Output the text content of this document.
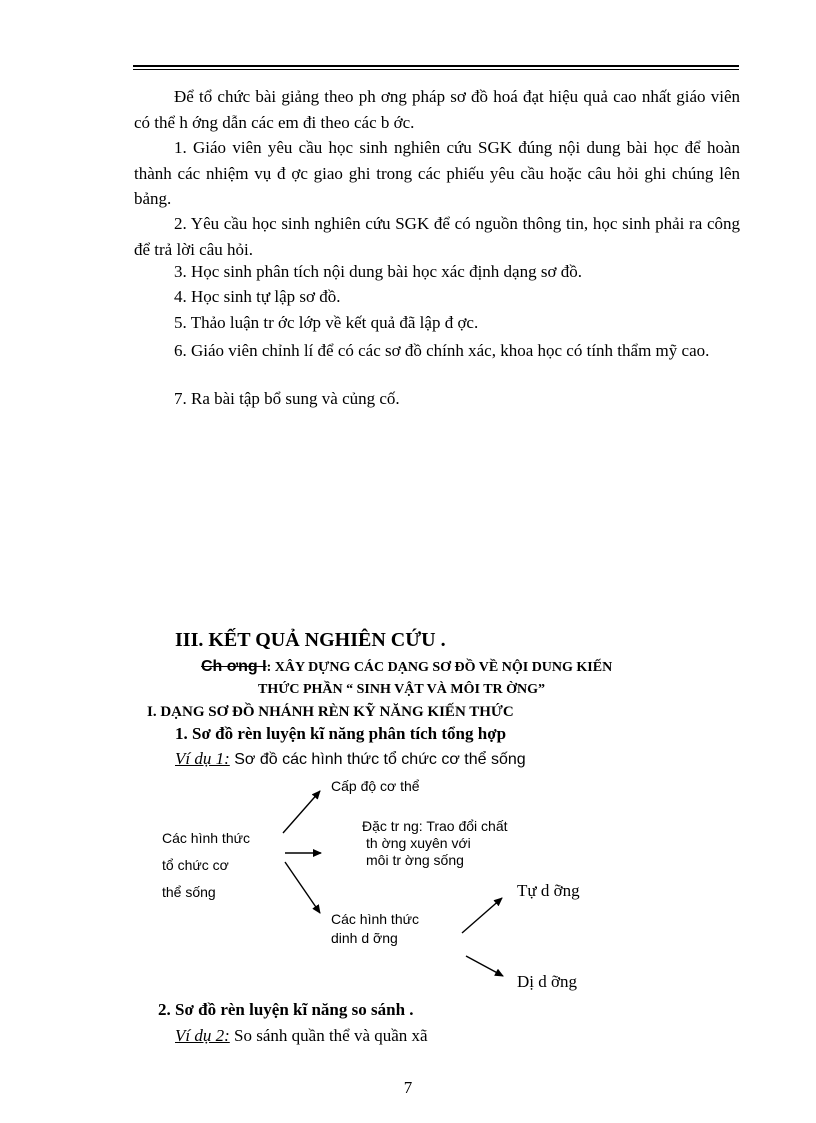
Để tổ chức bài giảng theo ph ơng pháp sơ đồ hoá đạt hiệu quả cao nhất giáo viên có thể h ớng dẫn các em đi theo các b ớc.

1. Giáo viên yêu cầu học sinh nghiên cứu SGK đúng nội dung bài học để hoàn thành các nhiệm vụ đ ợc giao ghi trong các phiếu yêu cầu hoặc câu hỏi ghi chúng lên bảng.

2. Yêu cầu học sinh nghiên cứu SGK để có nguồn thông tin, học sinh phải ra công để trả lời câu hỏi.

3. Học sinh phân tích nội dung bài học xác định dạng sơ đồ.

4. Học sinh tự lập sơ đồ.

5. Thảo luận tr ớc lớp về kết quả đã lập đ ợc.

6. Giáo viên chỉnh lí để có các sơ đồ chính xác, khoa học có tính thẩm mỹ cao.

7. Ra bài tập bổ sung và củng cố.

III. KẾT QUẢ NGHIÊN CỨU .
Ch ơng I: XÂY DỰNG CÁC DẠNG SƠ ĐỒ VỀ NỘI DUNG KIẾN
THỨC PHẦN “ SINH VẬT VÀ MÔI TR ỜNG”
I. DẠNG SƠ ĐỒ NHÁNH RÈN KỸ NĂNG KIẾN THỨC
1. Sơ đồ rèn luyện kĩ năng phân tích tổng hợp
Ví dụ 1: Sơ đồ các hình thức tổ chức cơ thể sống
Các hình thức
tổ chức cơ
thể sống
Cấp độ cơ thể
Đặc tr ng: Trao đổi chất
th ờng xuyên với
môi tr ờng sống
Các hình thức
dinh d ỡng
Tự d ỡng
Dị d ỡng
2. Sơ đồ rèn luyện kĩ năng so sánh .
Ví dụ 2: So sánh quần thể và quần xã
7
